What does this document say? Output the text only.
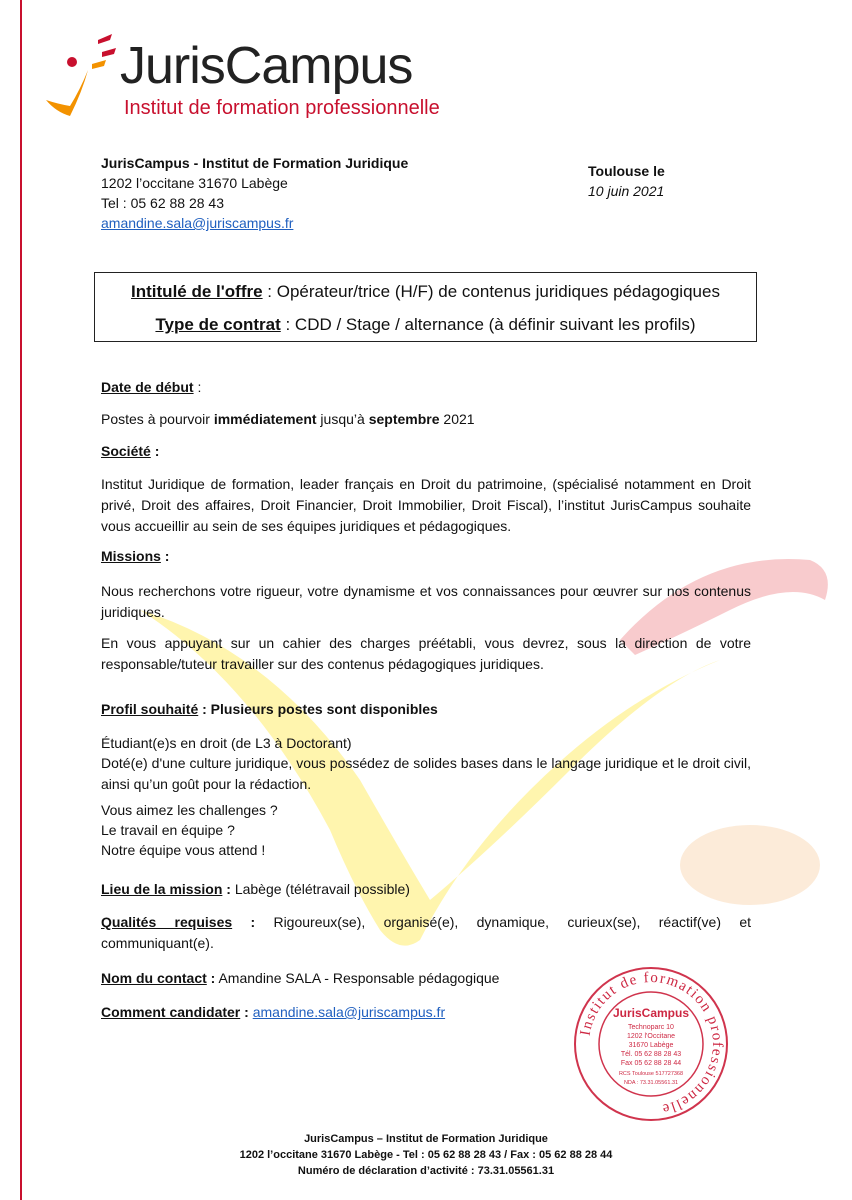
JurisCampus
Institut de formation professionnelle
JurisCampus - Institut de Formation Juridique
1202 l’occitane 31670 Labège
Tel : 05 62 88 28 43
amandine.sala@juriscampus.fr
Toulouse le
10 juin 2021
Intitulé de l'offre : Opérateur/trice (H/F) de contenus juridiques pédagogiques
Type de contrat : CDD / Stage / alternance (à définir suivant les profils)
Date de début :
Postes à pourvoir immédiatement jusqu’à septembre 2021
Société :
Institut Juridique de formation, leader français en Droit du patrimoine, (spécialisé notamment en Droit privé, Droit des affaires, Droit Financier, Droit Immobilier, Droit Fiscal), l’institut JurisCampus souhaite vous accueillir au sein de ses équipes juridiques et pédagogiques.
Missions :
Nous recherchons votre rigueur, votre dynamisme et vos connaissances pour œuvrer sur nos contenus juridiques.
En vous appuyant sur un cahier des charges préétabli, vous devrez, sous la direction de votre responsable/tuteur travailler sur des contenus pédagogiques juridiques.
Profil souhaité : Plusieurs postes sont disponibles
Étudiant(e)s en droit (de L3 à Doctorant)
Doté(e) d'une culture juridique, vous possédez de solides bases dans le langage juridique et le droit civil, ainsi qu’un goût pour la rédaction.
Vous aimez les challenges ?
Le travail en équipe ?
Notre équipe vous attend !
Lieu de la mission : Labège (télétravail possible)
Qualités requises : Rigoureux(se), organisé(e), dynamique, curieux(se), réactif(ve) et communiquant(e).
Nom du contact : Amandine SALA - Responsable pédagogique
Comment candidater : amandine.sala@juriscampus.fr
Institut de formation professionnelle
JurisCampus
Technoparc 10
1202 l'Occitane
31670 Labège
Tél. 05 62 88 28 43
Fax 05 62 88 28 44
RCS Toulouse 517727368
NDA : 73.31.05561.31
JurisCampus – Institut de Formation Juridique
1202 l’occitane 31670 Labège - Tel : 05 62 88 28 43 / Fax : 05 62 88 28 44
Numéro de déclaration d’activité : 73.31.05561.31
